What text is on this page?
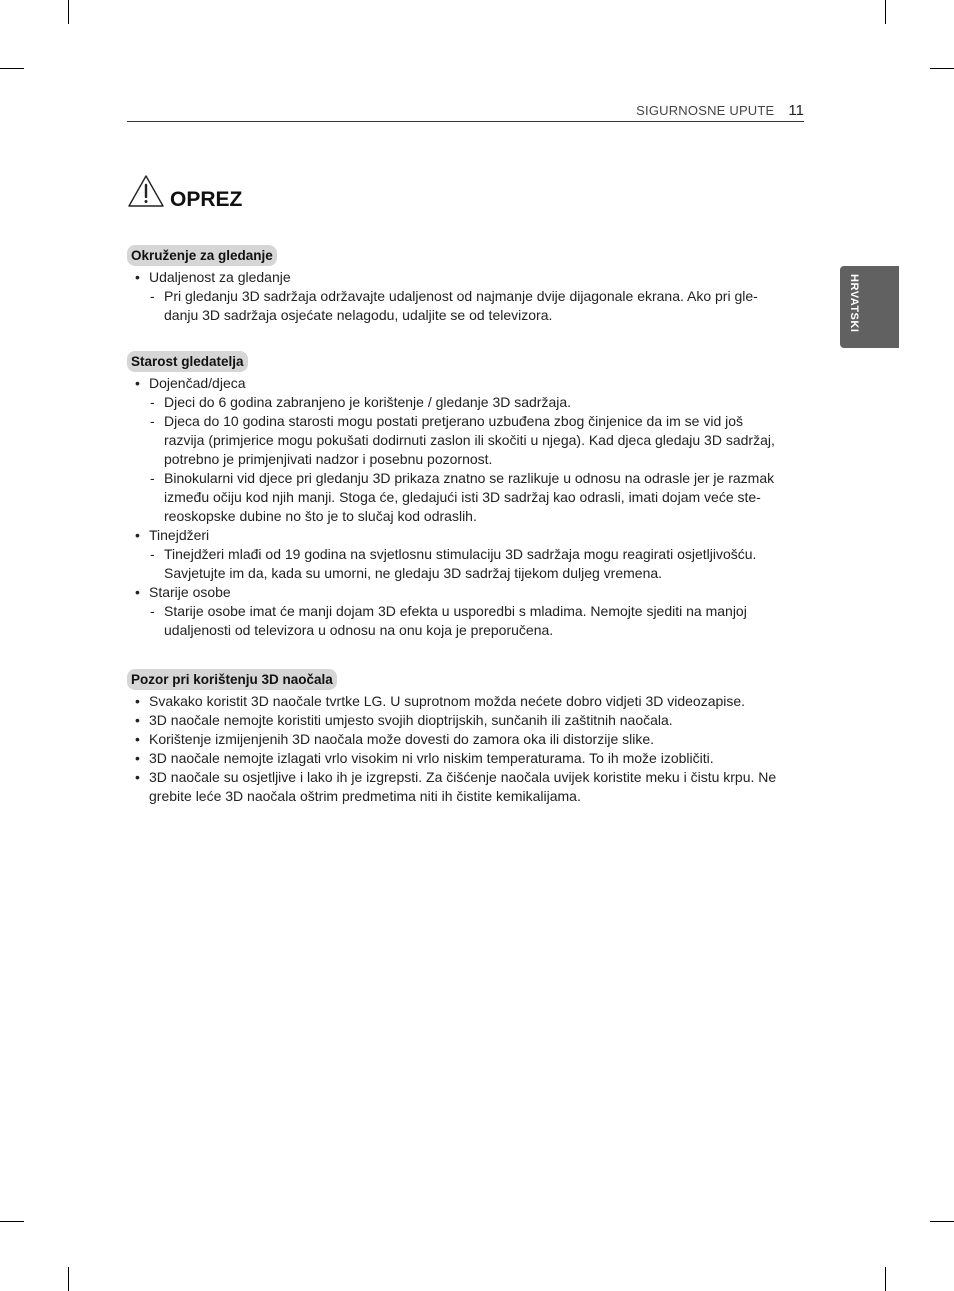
SIGURNOSNE UPUTE 11
HRVATSKI
OPREZ
Okruženje za gledanje
• Udaljenost za gledanje
- Pri gledanju 3D sadržaja održavajte udaljenost od najmanje dvije dijagonale ekrana. Ako pri gle-
danju 3D sadržaja osjećate nelagodu, udaljite se od televizora.
Starost gledatelja
• Dojenčad/djeca
- Djeci do 6 godina zabranjeno je korištenje / gledanje 3D sadržaja.
- Djeca do 10 godina starosti mogu postati pretjerano uzbuđena zbog činjenice da im se vid još
razvija (primjerice mogu pokušati dodirnuti zaslon ili skočiti u njega). Kad djeca gledaju 3D sadržaj,
potrebno je primjenjivati nadzor i posebnu pozornost.
- Binokularni vid djece pri gledanju 3D prikaza znatno se razlikuje u odnosu na odrasle jer je razmak
između očiju kod njih manji. Stoga će, gledajući isti 3D sadržaj kao odrasli, imati dojam veće ste-
reoskopske dubine no što je to slučaj kod odraslih.
• Tinejdžeri
- Tinejdžeri mlađi od 19 godina na svjetlosnu stimulaciju 3D sadržaja mogu reagirati osjetljivošću.
Savjetujte im da, kada su umorni, ne gledaju 3D sadržaj tijekom duljeg vremena.
• Starije osobe
- Starije osobe imat će manji dojam 3D efekta u usporedbi s mladima. Nemojte sjediti na manjoj
udaljenosti od televizora u odnosu na onu koja je preporučena.
Pozor pri korištenju 3D naočala
• Svakako koristit 3D naočale tvrtke LG. U suprotnom možda nećete dobro vidjeti 3D videozapise.
• 3D naočale nemojte koristiti umjesto svojih dioptrijskih, sunčanih ili zaštitnih naočala.
• Korištenje izmijenjenih 3D naočala može dovesti do zamora oka ili distorzije slike.
• 3D naočale nemojte izlagati vrlo visokim ni vrlo niskim temperaturama. To ih može izobličiti.
• 3D naočale su osjetljive i lako ih je izgrepsti. Za čišćenje naočala uvijek koristite meku i čistu krpu. Ne
grebite leće 3D naočala oštrim predmetima niti ih čistite kemikalijama.
